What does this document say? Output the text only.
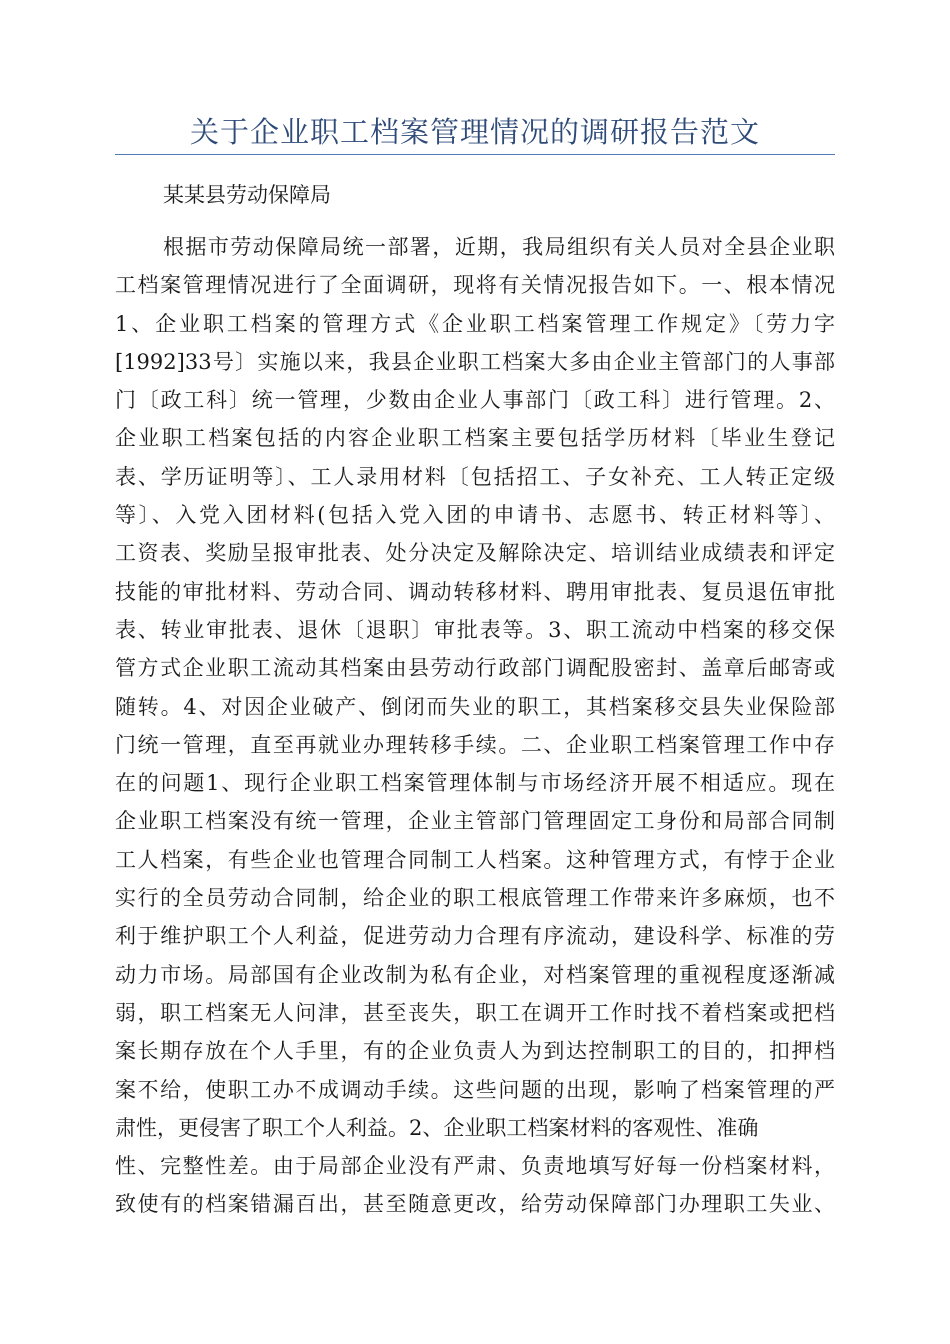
关于企业职工档案管理情况的调研报告范文
某某县劳动保障局
根据市劳动保障局统一部署，近期，我局组织有关人员对全县企业职
工档案管理情况进行了全面调研，现将有关情况报告如下。一、根本情况
1、企业职工档案的管理方式《企业职工档案管理工作规定》〔劳力字
[1992]33号〕实施以来，我县企业职工档案大多由企业主管部门的人事部
门〔政工科〕统一管理，少数由企业人事部门〔政工科〕进行管理。2、
企业职工档案包括的内容企业职工档案主要包括学历材料〔毕业生登记
表、学历证明等〕、工人录用材料〔包括招工、子女补充、工人转正定级
等〕、入党入团材料(包括入党入团的申请书、志愿书、转正材料等〕、
工资表、奖励呈报审批表、处分决定及解除决定、培训结业成绩表和评定
技能的审批材料、劳动合同、调动转移材料、聘用审批表、复员退伍审批
表、转业审批表、退休〔退职〕审批表等。3、职工流动中档案的移交保
管方式企业职工流动其档案由县劳动行政部门调配股密封、盖章后邮寄或
随转。4、对因企业破产、倒闭而失业的职工，其档案移交县失业保险部
门统一管理，直至再就业办理转移手续。二、企业职工档案管理工作中存
在的问题1、现行企业职工档案管理体制与市场经济开展不相适应。现在
企业职工档案没有统一管理，企业主管部门管理固定工身份和局部合同制
工人档案，有些企业也管理合同制工人档案。这种管理方式，有悖于企业
实行的全员劳动合同制，给企业的职工根底管理工作带来许多麻烦，也不
利于维护职工个人利益，促进劳动力合理有序流动，建设科学、标准的劳
动力市场。局部国有企业改制为私有企业，对档案管理的重视程度逐渐减
弱，职工档案无人问津，甚至丧失，职工在调开工作时找不着档案或把档
案长期存放在个人手里，有的企业负责人为到达控制职工的目的，扣押档
案不给，使职工办不成调动手续。这些问题的出现，影响了档案管理的严
肃性，更侵害了职工个人利益。2、企业职工档案材料的客观性、准确
性、完整性差。由于局部企业没有严肃、负责地填写好每一份档案材料，
致使有的档案错漏百出，甚至随意更改，给劳动保障部门办理职工失业、
